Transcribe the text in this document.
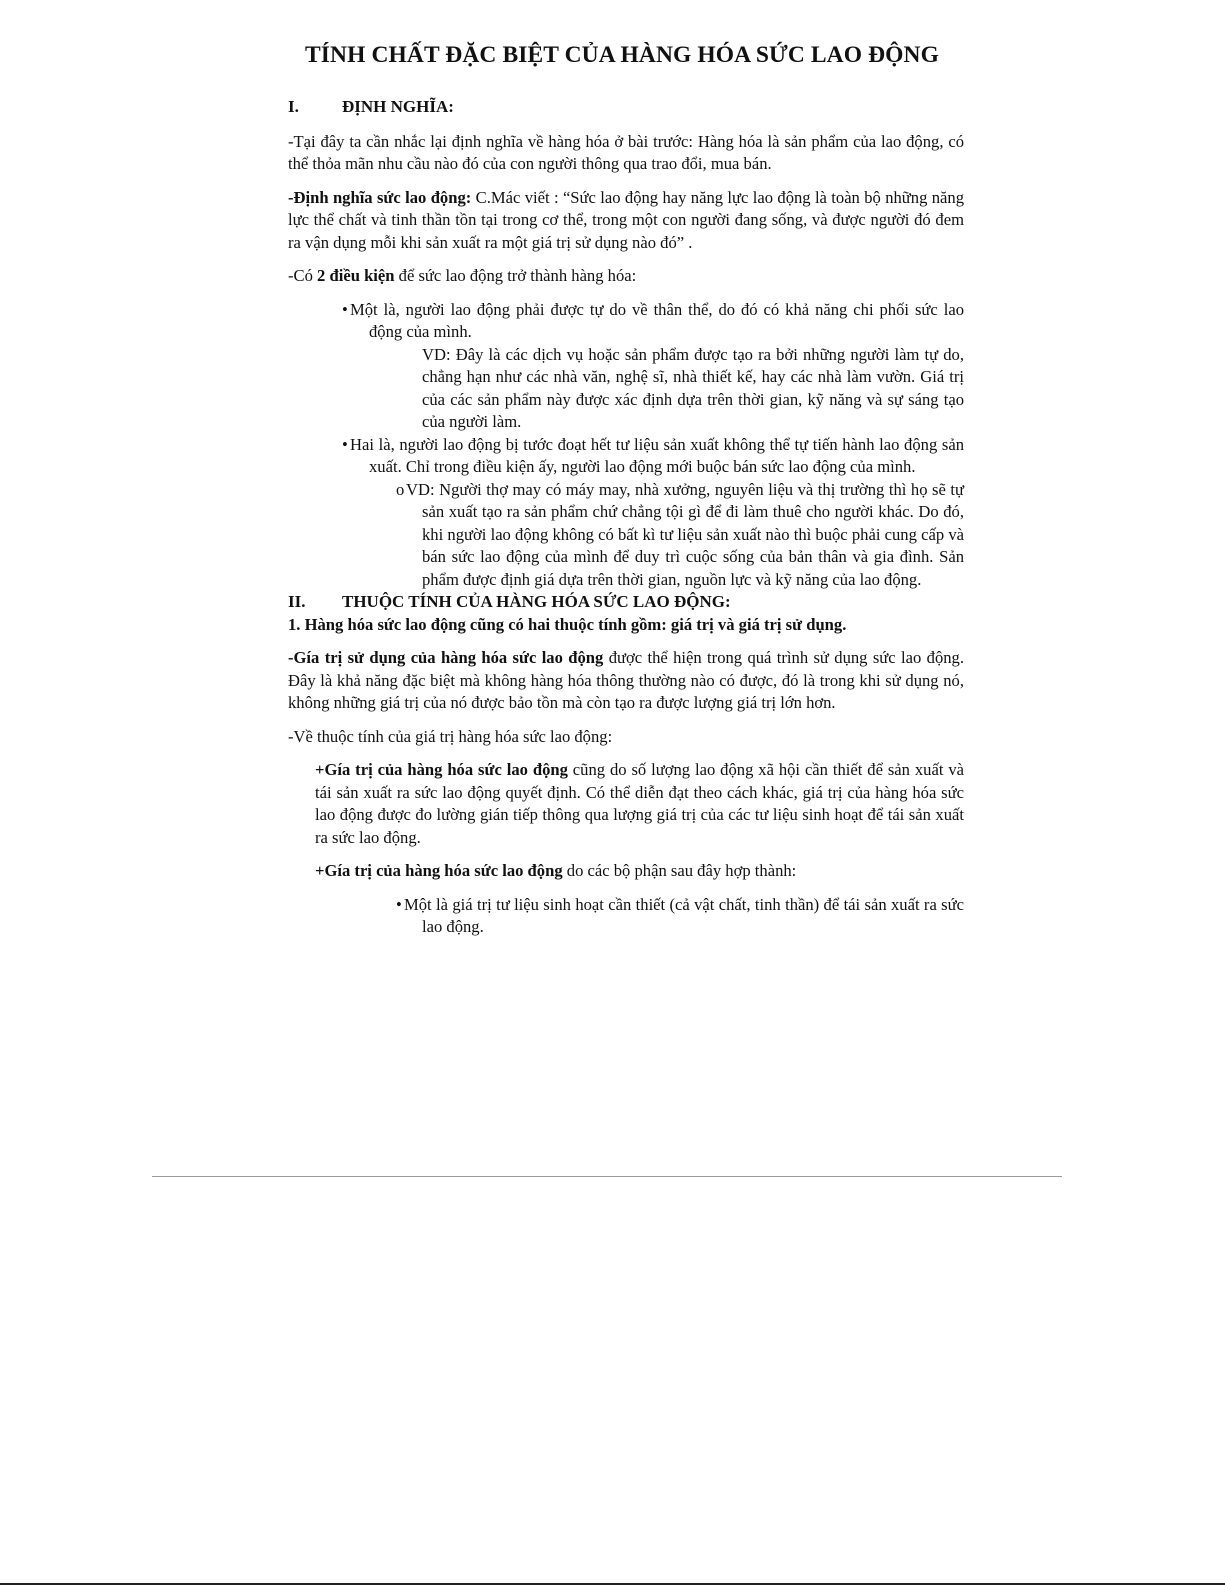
TÍNH CHẤT ĐẶC BIỆT CỦA HÀNG HÓA SỨC LAO ĐỘNG
I.	ĐỊNH NGHĨA:

-Tại đây ta cần nhắc lại định nghĩa về hàng hóa ở bài trước: Hàng hóa là sản phẩm của lao động, có thể thỏa mãn nhu cầu nào đó của con người thông qua trao đổi, mua bán.

-Định nghĩa sức lao động: C.Mác viết : “Sức lao động hay năng lực lao động là toàn bộ những năng lực thể chất và tinh thần tồn tại trong cơ thể, trong một con người đang sống, và được người đó đem ra vận dụng mỗi khi sản xuất ra một giá trị sử dụng nào đó” .

-Có 2 điều kiện để sức lao động trở thành hàng hóa:

• Một là, người lao động phải được tự do về thân thể, do đó có khả năng chi phối sức lao động của mình.

VD: Đây là các dịch vụ hoặc sản phẩm được tạo ra bởi những người làm tự do, chẳng hạn như các nhà văn, nghệ sĩ, nhà thiết kế, hay các nhà làm vườn. Giá trị của các sản phẩm này được xác định dựa trên thời gian, kỹ năng và sự sáng tạo của người làm.

• Hai là, người lao động bị tước đoạt hết tư liệu sản xuất không thể tự tiến hành lao động sản xuất. Chỉ trong điều kiện ấy, người lao động mới buộc bán sức lao động của mình.

o VD: Người thợ may có máy may, nhà xưởng, nguyên liệu và thị trường thì họ sẽ tự sản xuất tạo ra sản phẩm chứ chẳng tội gì để đi làm thuê cho người khác. Do đó, khi người lao động không có bất kì tư liệu sản xuất nào thì buộc phải cung cấp và bán sức lao động của mình để duy trì cuộc sống của bản thân và gia đình. Sản phẩm được định giá dựa trên thời gian, nguồn lực và kỹ năng của lao động.

II.	THUỘC TÍNH CỦA HÀNG HÓA SỨC LAO ĐỘNG:

1. Hàng hóa sức lao động cũng có hai thuộc tính gồm: giá trị và giá trị sử dụng.

-Gía trị sử dụng của hàng hóa sức lao động được thể hiện trong quá trình sử dụng sức lao động. Đây là khả năng đặc biệt mà không hàng hóa thông thường nào có được, đó là trong khi sử dụng nó, không những giá trị của nó được bảo tồn mà còn tạo ra được lượng giá trị lớn hơn.

-Về thuộc tính của giá trị hàng hóa sức lao động:

+Gía trị của hàng hóa sức lao động cũng do số lượng lao động xã hội cần thiết để sản xuất và tái sản xuất ra sức lao động quyết định. Có thể diễn đạt theo cách khác, giá trị của hàng hóa sức lao động được đo lường gián tiếp thông qua lượng giá trị của các tư liệu sinh hoạt để tái sản xuất ra sức lao động.

+Gía trị của hàng hóa sức lao động do các bộ phận sau đây hợp thành:

• Một là giá trị tư liệu sinh hoạt cần thiết (cả vật chất, tinh thần) để tái sản xuất ra sức lao động.
